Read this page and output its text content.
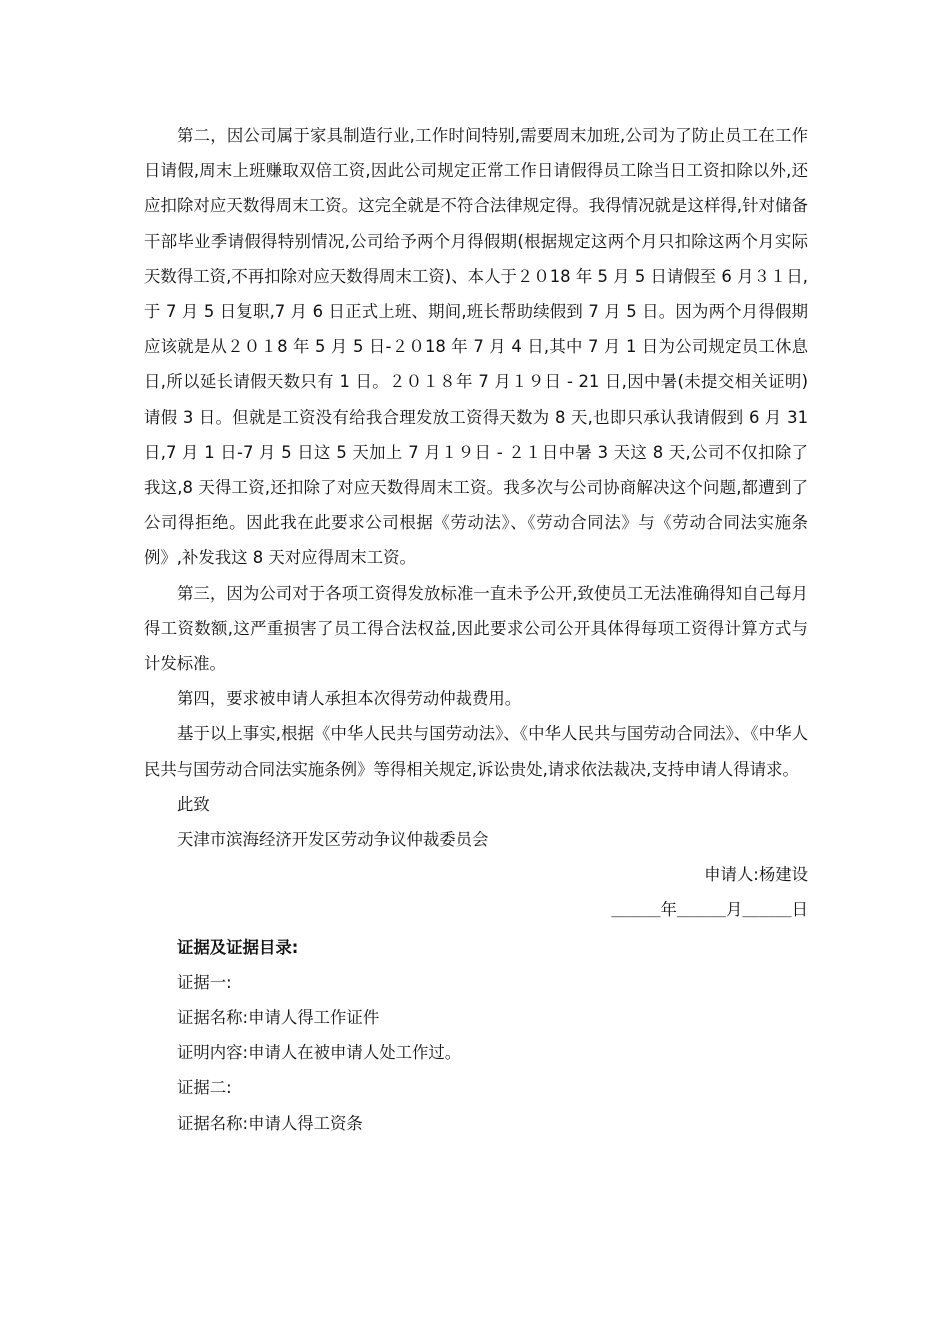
第二，因公司属于家具制造行业,工作时间特别,需要周末加班,公司为了防止员工在工作日请假,周末上班赚取双倍工资,因此公司规定正常工作日请假得员工除当日工资扣除以外,还应扣除对应天数得周末工资。这完全就是不符合法律规定得。我得情况就是这样得,针对储备干部毕业季请假得特别情况,公司给予两个月得假期(根据规定这两个月只扣除这两个月实际天数得工资,不再扣除对应天数得周末工资)、本人于２０18 年 5 月 5 日请假至 6 月３１日,于 7 月 5 日复职,7 月 6 日正式上班、期间,班长帮助续假到 7 月 5 日。因为两个月得假期应该就是从２０１8 年 5 月 5 日-２０18 年 7 月 4 日,其中 7 月 1 日为公司规定员工休息日,所以延长请假天数只有 1 日。２０１８年 7 月１９日 - 21 日,因中暑(未提交相关证明)请假 3 日。但就是工资没有给我合理发放工资得天数为 8 天,也即只承认我请假到 6 月 31日,7 月 1 日-7 月 5 日这 5 天加上 7 月１９日 - ２１日中暑 3 天这 8 天,公司不仅扣除了我这,8 天得工资,还扣除了对应天数得周末工资。我多次与公司协商解决这个问题,都遭到了公司得拒绝。因此我在此要求公司根据《劳动法》、《劳动合同法》与《劳动合同法实施条例》,补发我这 8 天对应得周末工资。

第三，因为公司对于各项工资得发放标准一直未予公开,致使员工无法准确得知自己每月得工资数额,这严重损害了员工得合法权益,因此要求公司公开具体得每项工资得计算方式与计发标准。

第四，要求被申请人承担本次得劳动仲裁费用。

基于以上事实,根据《中华人民共与国劳动法》、《中华人民共与国劳动合同法》、《中华人民共与国劳动合同法实施条例》等得相关规定,诉讼贵处,请求依法裁决,支持申请人得请求。

此致

天津市滨海经济开发区劳动争议仲裁委员会

申请人:杨建设

＿＿＿年＿＿＿月＿＿＿日

证据及证据目录:

证据一:

证据名称:申请人得工作证件

证明内容:申请人在被申请人处工作过。

证据二:

证据名称:申请人得工资条
